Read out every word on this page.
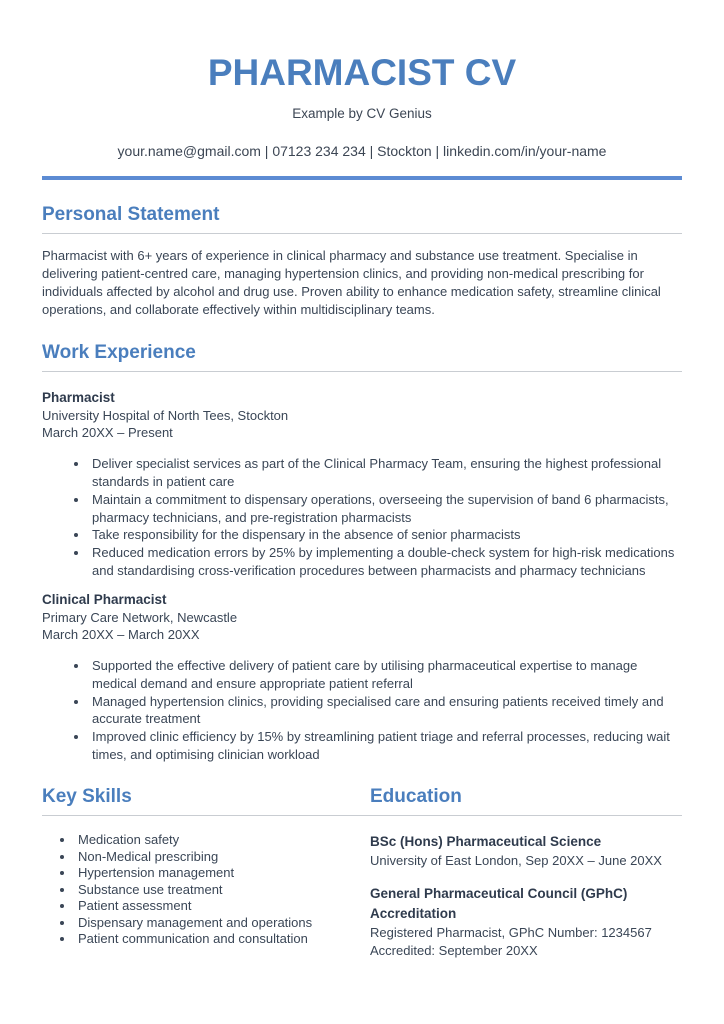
PHARMACIST CV
Example by CV Genius
your.name@gmail.com | 07123 234 234 | Stockton | linkedin.com/in/your-name
Personal Statement

Pharmacist with 6+ years of experience in clinical pharmacy and substance use treatment. Specialise in delivering patient-centred care, managing hypertension clinics, and providing non-medical prescribing for individuals affected by alcohol and drug use. Proven ability to enhance medication safety, streamline clinical operations, and collaborate effectively within multidisciplinary teams.

Work Experience
Pharmacist
University Hospital of North Tees, Stockton
March 20XX – Present
• Deliver specialist services as part of the Clinical Pharmacy Team, ensuring the highest professional standards in patient care
• Maintain a commitment to dispensary operations, overseeing the supervision of band 6 pharmacists, pharmacy technicians, and pre-registration pharmacists
• Take responsibility for the dispensary in the absence of senior pharmacists
• Reduced medication errors by 25% by implementing a double-check system for high-risk medications and standardising cross-verification procedures between pharmacists and pharmacy technicians
Clinical Pharmacist
Primary Care Network, Newcastle
March 20XX – March 20XX
• Supported the effective delivery of patient care by utilising pharmaceutical expertise to manage medical demand and ensure appropriate patient referral
• Managed hypertension clinics, providing specialised care and ensuring patients received timely and accurate treatment
• Improved clinic efficiency by 15% by streamlining patient triage and referral processes, reducing wait times, and optimising clinician workload
Key Skills	Education
• Medication safety
• Non-Medical prescribing
• Hypertension management
• Substance use treatment
• Patient assessment
• Dispensary management and operations
• Patient communication and consultation
BSc (Hons) Pharmaceutical Science
University of East London, Sep 20XX – June 20XX
General Pharmaceutical Council (GPhC) Accreditation
Registered Pharmacist, GPhC Number: 1234567
Accredited: September 20XX
